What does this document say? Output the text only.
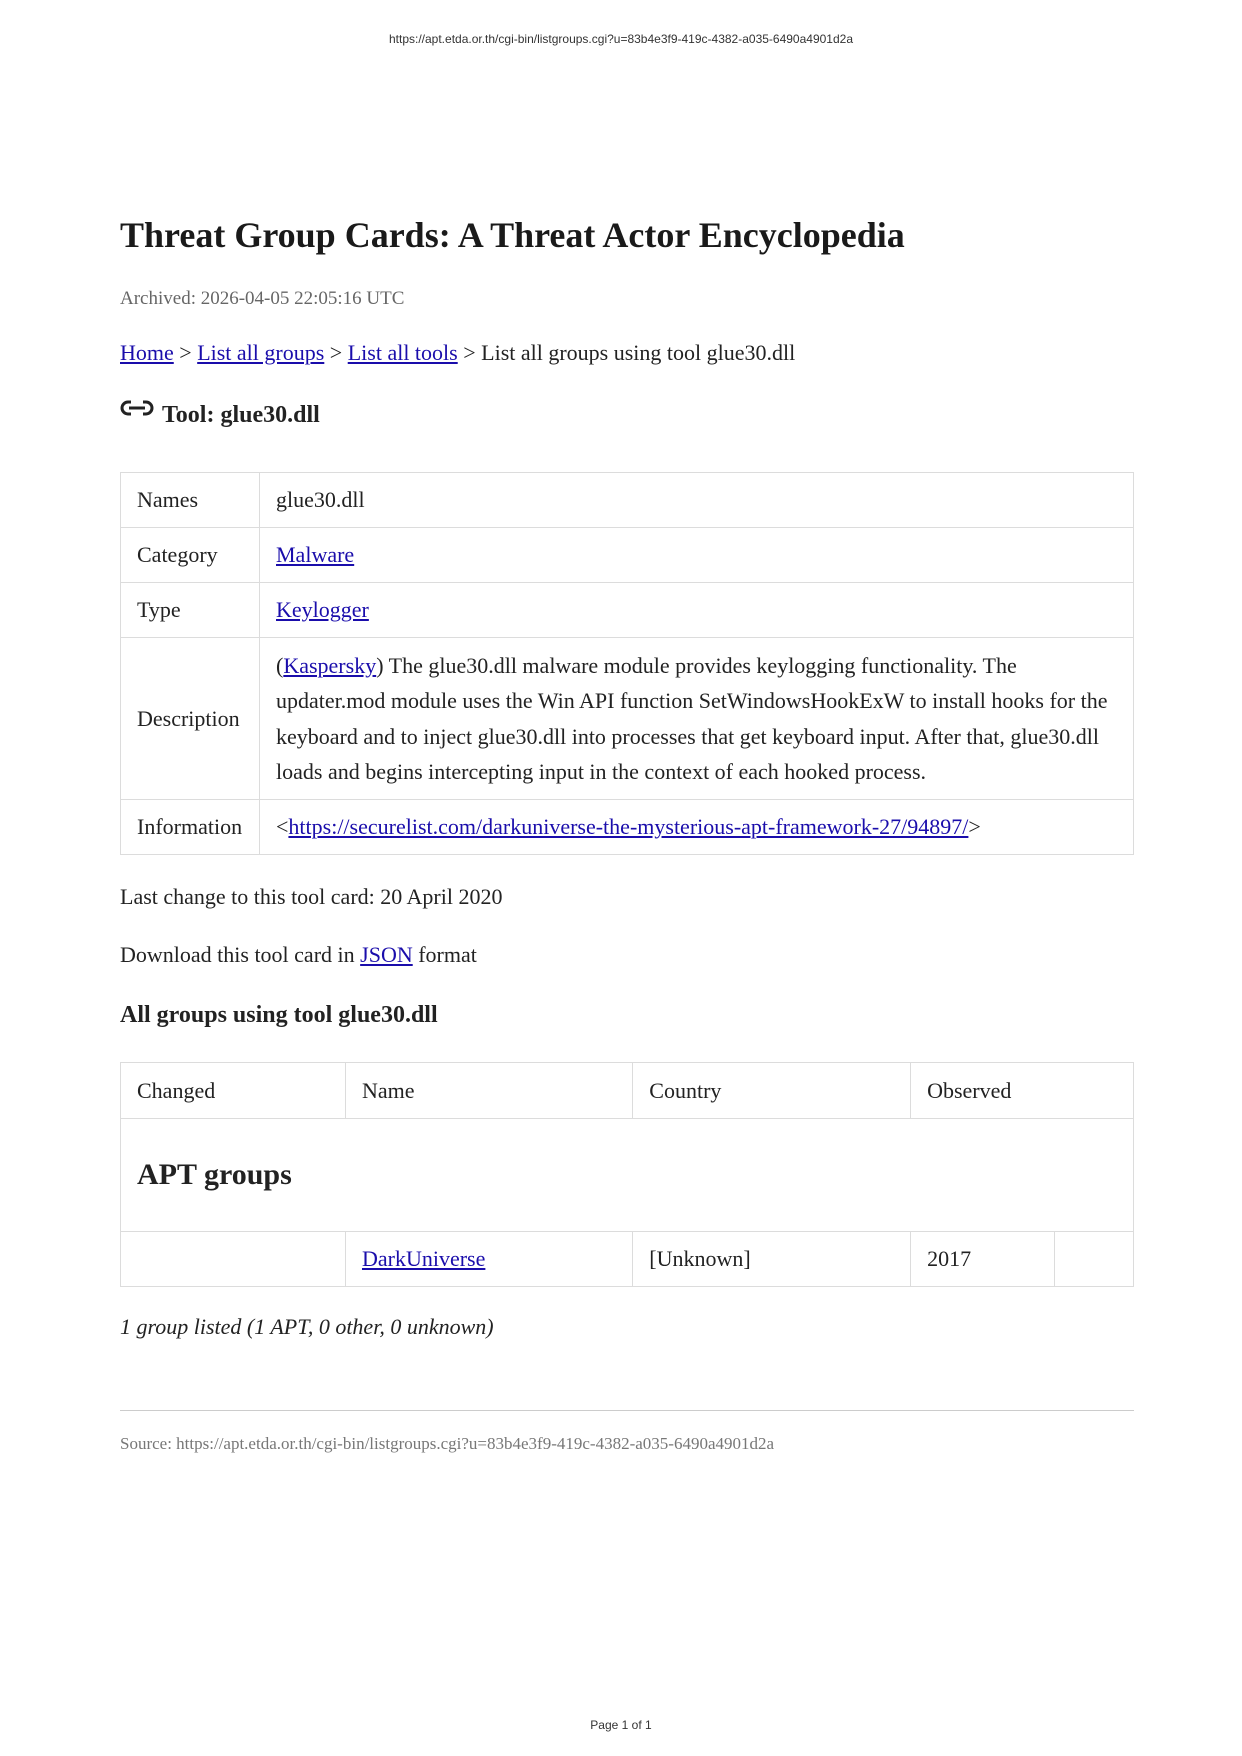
https://apt.etda.or.th/cgi-bin/listgroups.cgi?u=83b4e3f9-419c-4382-a035-6490a4901d2a
Threat Group Cards: A Threat Actor Encyclopedia
Archived: 2026-04-05 22:05:16 UTC
Home > List all groups > List all tools > List all groups using tool glue30.dll
Tool: glue30.dll
Names	glue30.dll
Category	Malware
Type	Keylogger
Description	(Kaspersky) The glue30.dll malware module provides keylogging functionality. The updater.mod module uses the Win API function SetWindowsHookExW to install hooks for the keyboard and to inject glue30.dll into processes that get keyboard input. After that, glue30.dll loads and begins intercepting input in the context of each hooked process.
Information	<https://securelist.com/darkuniverse-the-mysterious-apt-framework-27/94897/>
Last change to this tool card: 20 April 2020
Download this tool card in JSON format
All groups using tool glue30.dll
Changed	Name	Country	Observed	
APT groups				
	DarkUniverse	[Unknown]	2017	
1 group listed (1 APT, 0 other, 0 unknown)
Source: https://apt.etda.or.th/cgi-bin/listgroups.cgi?u=83b4e3f9-419c-4382-a035-6490a4901d2a
Page 1 of 1
